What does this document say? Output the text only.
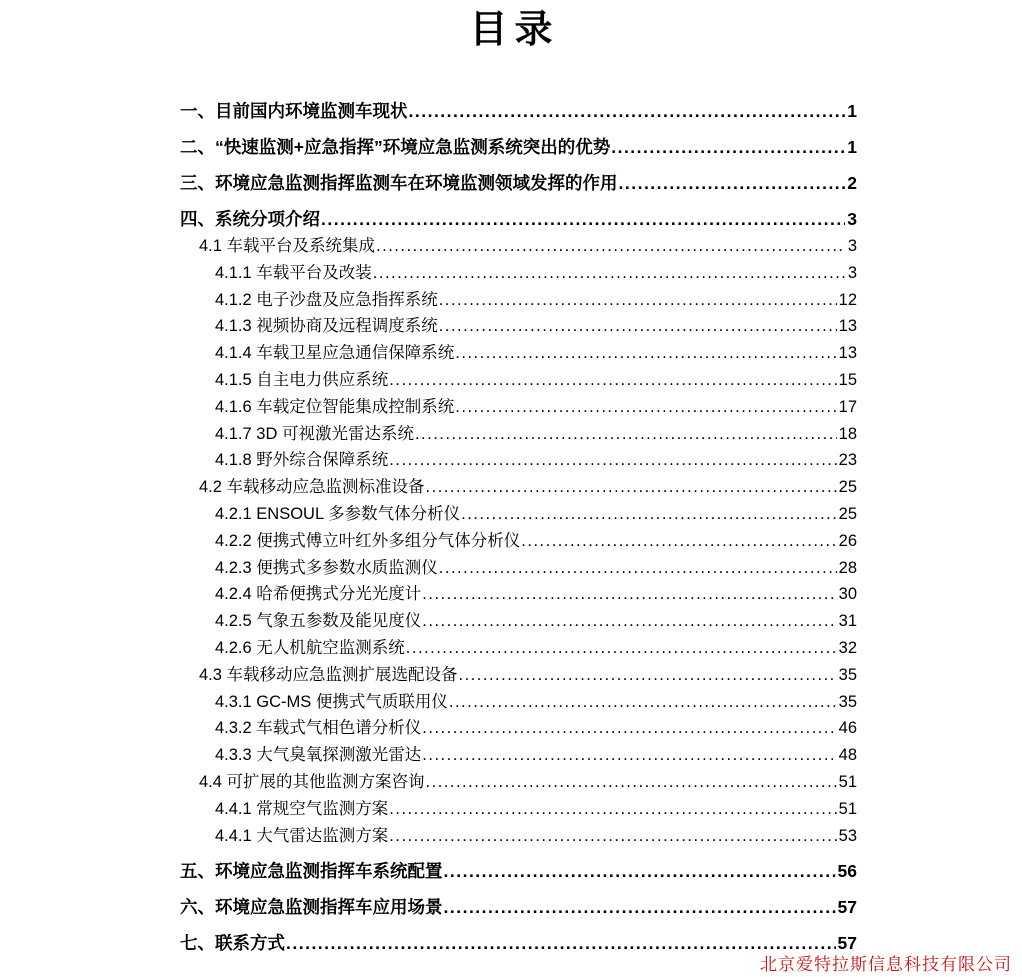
目录
一、目前国内环境监测车现状 .....	1
二、“快速监测+应急指挥”环境应急监测系统突出的优势 .....	1
三、环境应急监测指挥监测车在环境监测领域发挥的作用 .....	2
四、系统分项介绍 .....	3
4.1 车载平台及系统集成 .....	3
4.1.1 车载平台及改装 .....	3
4.1.2 电子沙盘及应急指挥系统 .....	12
4.1.3 视频协商及远程调度系统 .....	13
4.1.4 车载卫星应急通信保障系统 .....	13
4.1.5 自主电力供应系统 .....	15
4.1.6 车载定位智能集成控制系统 .....	17
4.1.7 3D 可视激光雷达系统 .....	18
4.1.8 野外综合保障系统 .....	23
4.2 车载移动应急监测标准设备 .....	25
4.2.1 ENSOUL 多参数气体分析仪 .....	25
4.2.2 便携式傅立叶红外多组分气体分析仪 .....	26
4.2.3 便携式多参数水质监测仪 .....	28
4.2.4 哈希便携式分光光度计 .....	30
4.2.5 气象五参数及能见度仪 .....	31
4.2.6 无人机航空监测系统 .....	32
4.3 车载移动应急监测扩展选配设备 .....	35
4.3.1 GC-MS 便携式气质联用仪 .....	35
4.3.2 车载式气相色谱分析仪 .....	46
4.3.3 大气臭氧探测激光雷达 .....	48
4.4 可扩展的其他监测方案咨询 .....	51
4.4.1 常规空气监测方案 .....	51
4.4.1 大气雷达监测方案 .....	53
五、环境应急监测指挥车系统配置 .....	56
六、环境应急监测指挥车应用场景 .....	57
七、联系方式 .....	57
北京爱特拉斯信息科技有限公司
